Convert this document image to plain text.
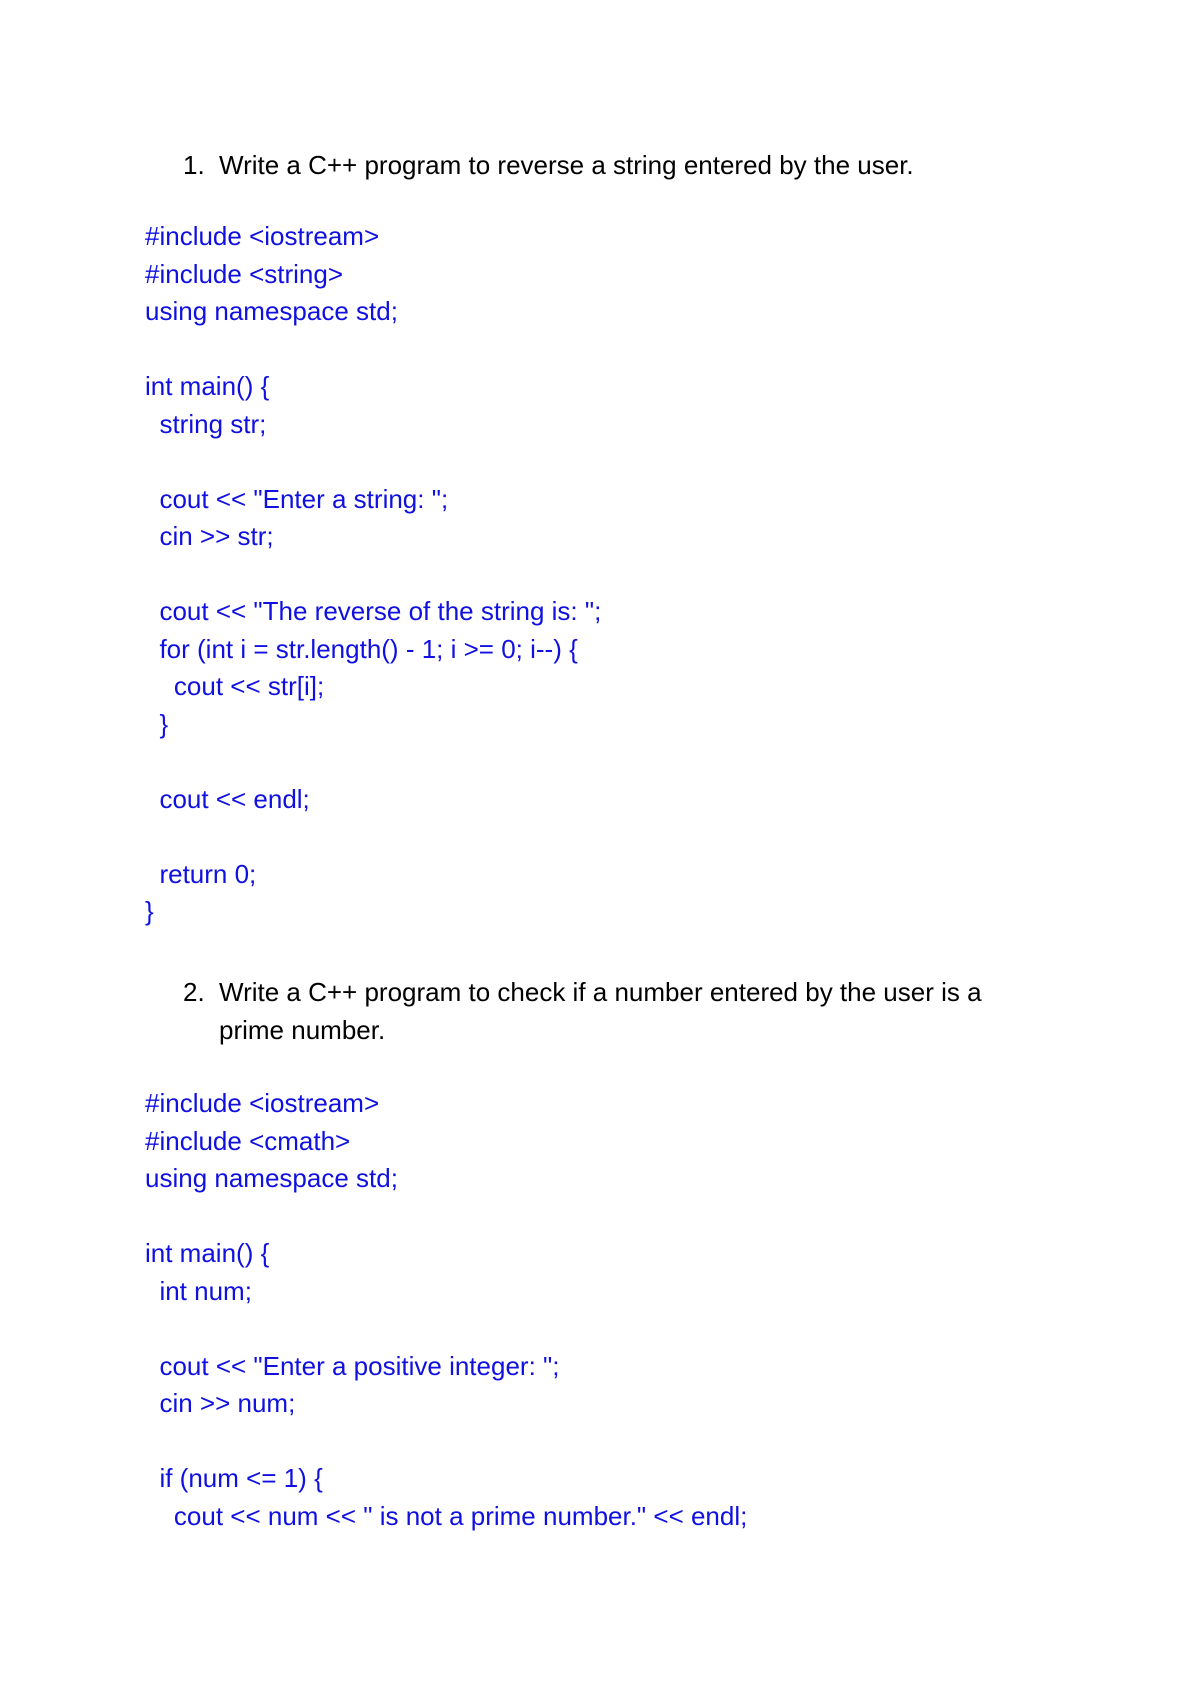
1. Write a C++ program to reverse a string entered by the user.
#include <iostream>
#include <string>
using namespace std;
int main() {
string str;
cout << "Enter a string: ";
cin >> str;
cout << "The reverse of the string is: ";
for (int i = str.length() - 1; i >= 0; i--) {
cout << str[i];
}
cout << endl;
return 0;
}
2. Write a C++ program to check if a number entered by the user is a prime number.
#include <iostream>
#include <cmath>
using namespace std;
int main() {
int num;
cout << "Enter a positive integer: ";
cin >> num;
if (num <= 1) {
cout << num << " is not a prime number." << endl;
